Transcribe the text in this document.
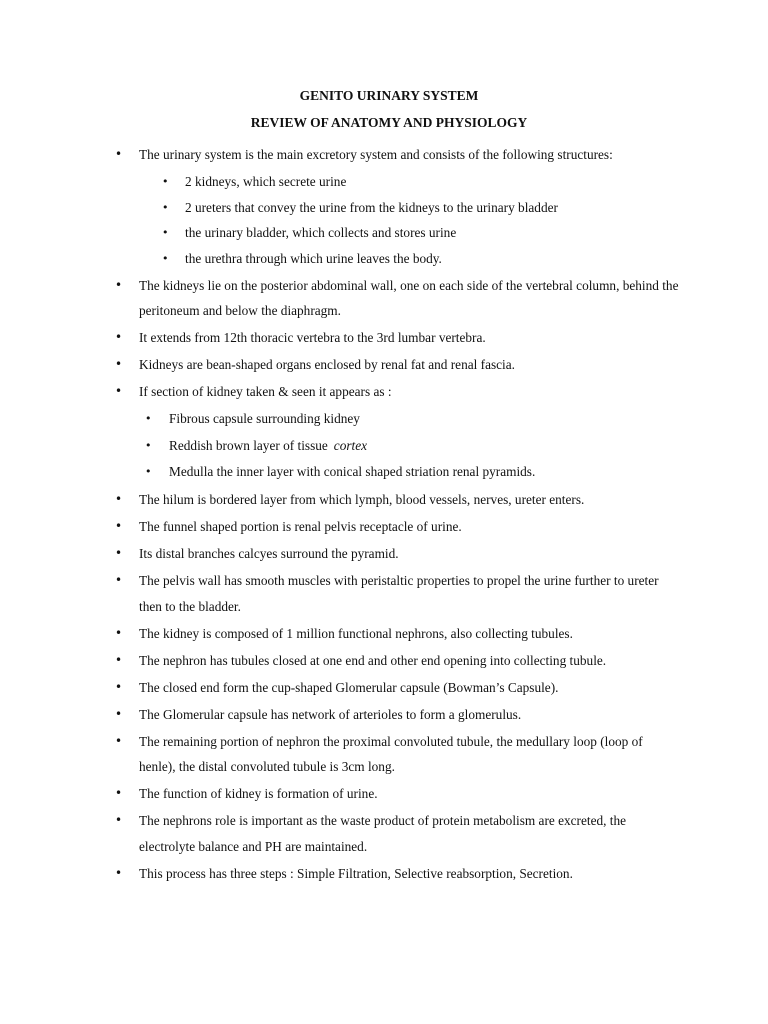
GENITO URINARY SYSTEM
REVIEW OF ANATOMY AND PHYSIOLOGY
• The urinary system is the main excretory system and consists of the following structures:
• 2 kidneys, which secrete urine
• 2 ureters that convey the urine from the kidneys to the urinary bladder
• the urinary bladder, which collects and stores urine
• the urethra through which urine leaves the body.
• The kidneys lie on the posterior abdominal wall, one on each side of the vertebral column, behind the peritoneum and below the diaphragm.
• It extends from 12th thoracic vertebra to the 3rd lumbar vertebra.
• Kidneys are bean-shaped organs enclosed by renal fat and renal fascia.
• If section of kidney taken & seen it appears as :
• Fibrous capsule surrounding kidney
• Reddish brown layer of tissue cortex
• Medulla the inner layer with conical shaped striation renal pyramids.
• The hilum is bordered layer from which lymph, blood vessels, nerves, ureter enters.
• The funnel shaped portion is renal pelvis receptacle of urine.
• Its distal branches calcyes surround the pyramid.
• The pelvis wall has smooth muscles with peristaltic properties to propel the urine further to ureter then to the bladder.
• The kidney is composed of 1 million functional nephrons, also collecting tubules.
• The nephron has tubules closed at one end and other end opening into collecting tubule.
• The closed end form the cup-shaped Glomerular capsule (Bowman’s Capsule).
• The Glomerular capsule has network of arterioles to form a glomerulus.
• The remaining portion of nephron the proximal convoluted tubule, the medullary loop (loop of henle), the distal convoluted tubule is 3cm long.
• The function of kidney is formation of urine.
• The nephrons role is important as the waste product of protein metabolism are excreted, the electrolyte balance and PH are maintained.
• This process has three steps : Simple Filtration, Selective reabsorption, Secretion.
